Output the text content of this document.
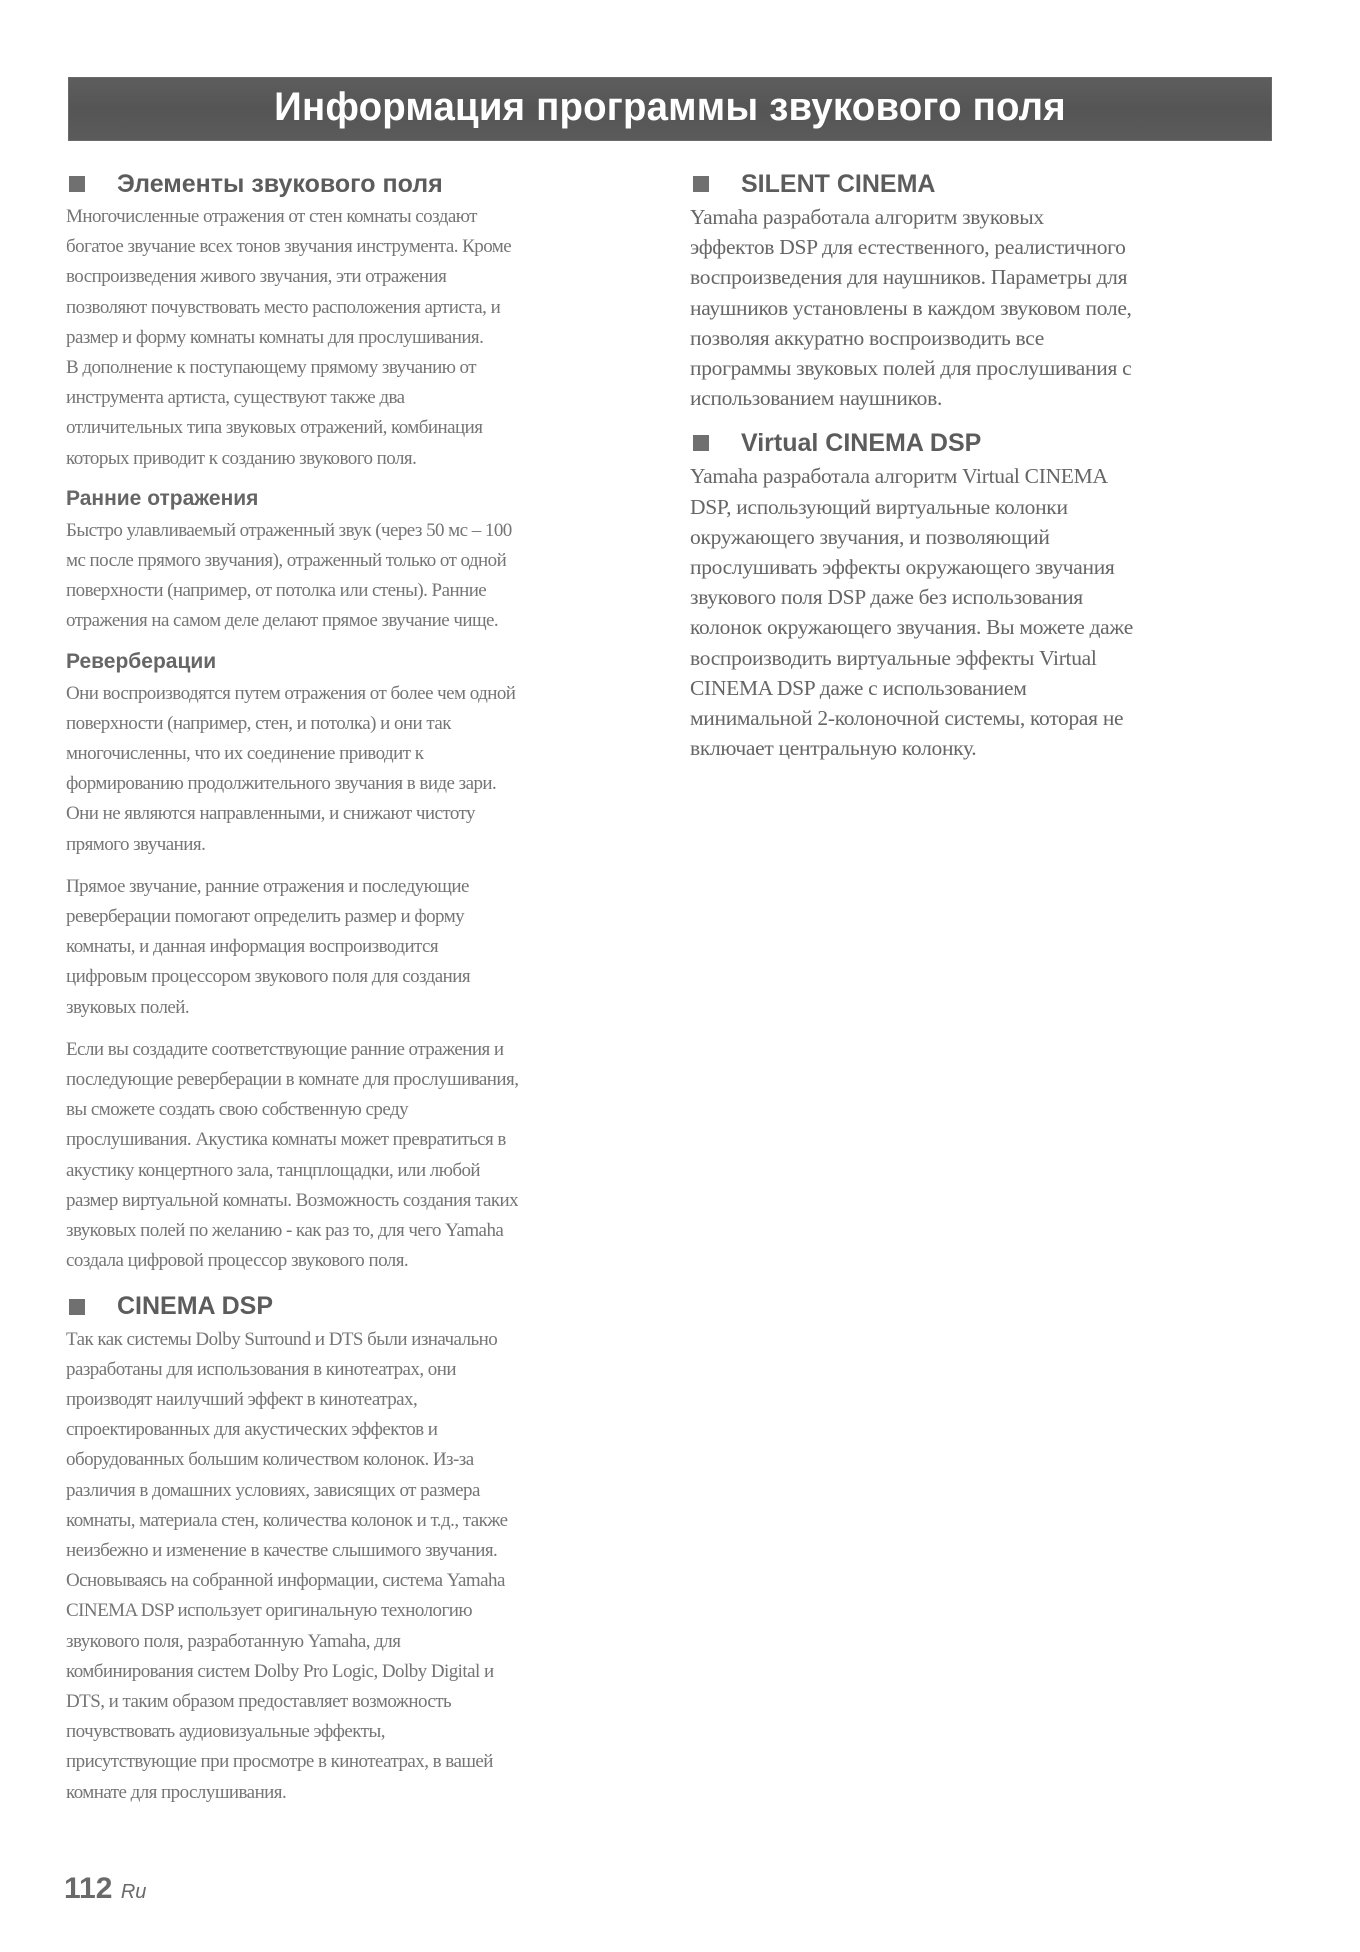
Информация программы звукового поля
Элементы звукового поля

Многочисленные отражения от стен комнаты создают
богатое звучание всех тонов звучания инструмента. Кроме
воспроизведения живого звучания, эти отражения
позволяют почувствовать место расположения артиста, и
размер и форму комнаты комнаты для прослушивания.
В дополнение к поступающему прямому звучанию от
инструмента артиста, существуют также два
отличительных типа звуковых отражений, комбинация
которых приводит к созданию звукового поля.

Ранние отражения

Быстро улавливаемый отраженный звук (через 50 мс – 100
мс после прямого звучания), отраженный только от одной
поверхности (например, от потолка или стены). Ранние
отражения на самом деле делают прямое звучание чище.

Реверберации

Они воспроизводятся путем отражения от более чем одной
поверхности (например, стен, и потолка) и они так
многочисленны, что их соединение приводит к
формированию продолжительного звучания в виде зари.
Они не являются направленными, и снижают чистоту
прямого звучания.

Прямое звучание, ранние отражения и последующие
реверберации помогают определить размер и форму
комнаты, и данная информация воспроизводится
цифровым процессором звукового поля для создания
звуковых полей.

Если вы создадите соответствующие ранние отражения и
последующие реверберации в комнате для прослушивания,
вы сможете создать свою собственную среду
прослушивания. Акустика комнаты может превратиться в
акустику концертного зала, танцплощадки, или любой
размер виртуальной комнаты. Возможность создания таких
звуковых полей по желанию - как раз то, для чего Yamaha
создала цифровой процессор звукового поля.

CINEMA DSP

Так как системы Dolby Surround и DTS были изначально
разработаны для использования в кинотеатрах, они
производят наилучший эффект в кинотеатрах,
спроектированных для акустических эффектов и
оборудованных большим количеством колонок. Из-за
различия в домашних условиях, зависящих от размера
комнаты, материала стен, количества колонок и т.д., также
неизбежно и изменение в качестве слышимого звучания.
Основываясь на собранной информации, система Yamaha
CINEMA DSP использует оригинальную технологию
звукового поля, разработанную Yamaha, для
комбинирования систем Dolby Pro Logic, Dolby Digital и
DTS, и таким образом предоставляет возможность
почувствовать аудиовизуальные эффекты,
присутствующие при просмотре в кинотеатрах, в вашей
комнате для прослушивания.

SILENT CINEMA

Yamaha разработала алгоритм звуковых
эффектов DSP для естественного, реалистичного
воспроизведения для наушников. Параметры для
наушников установлены в каждом звуковом поле,
позволяя аккуратно воспроизводить все
программы звуковых полей для прослушивания с
использованием наушников.

Virtual CINEMA DSP

Yamaha разработала алгоритм Virtual CINEMA
DSP, использующий виртуальные колонки
окружающего звучания, и позволяющий
прослушивать эффекты окружающего звучания
звукового поля DSP даже без использования
колонок окружающего звучания. Вы можете даже
воспроизводить виртуальные эффекты Virtual
CINEMA DSP даже с использованием
минимальной 2-колоночной системы, которая не
включает центральную колонку.

112 Ru
